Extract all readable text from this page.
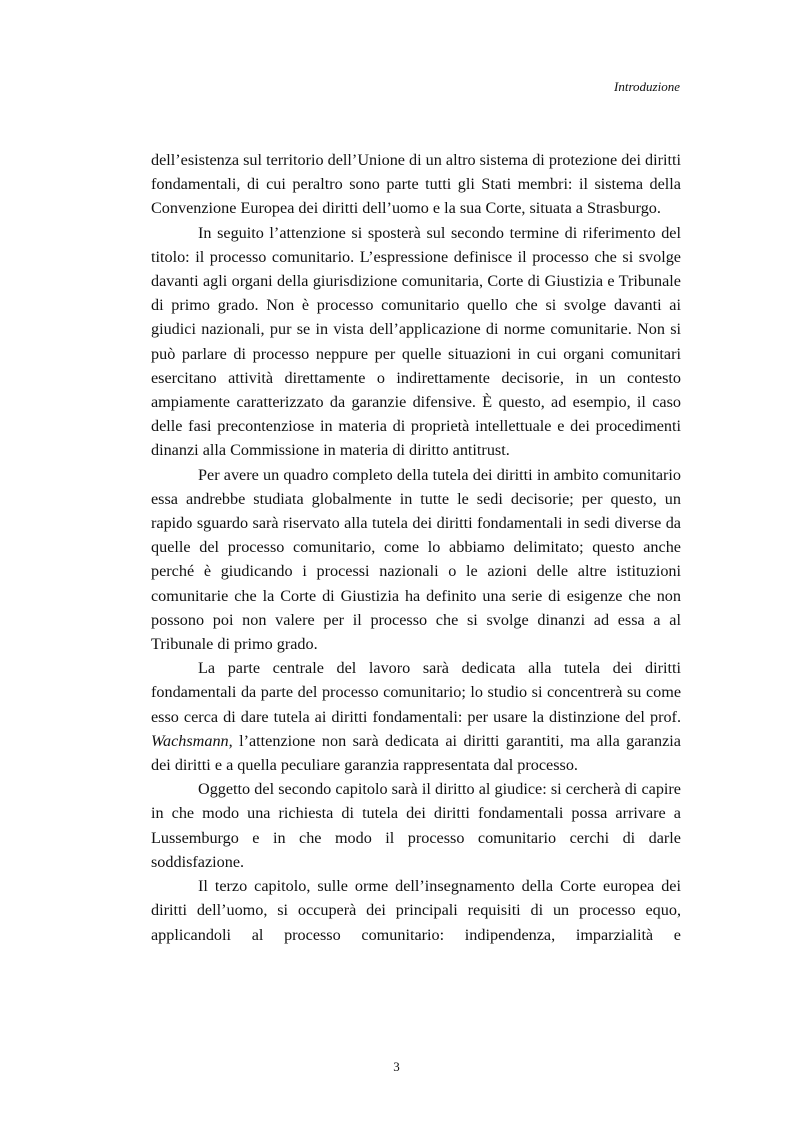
Introduzione

dell’esistenza sul territorio dell’Unione di un altro sistema di protezione dei diritti fondamentali, di cui peraltro sono parte tutti gli Stati membri: il sistema della Convenzione Europea dei diritti dell’uomo e la sua Corte, situata a Strasburgo.

In seguito l’attenzione si sposterà sul secondo termine di riferimento del titolo: il processo comunitario. L’espressione definisce il processo che si svolge davanti agli organi della giurisdizione comunitaria, Corte di Giustizia e Tribunale di primo grado. Non è processo comunitario quello che si svolge davanti ai giudici nazionali, pur se in vista dell’applicazione di norme comunitarie. Non si può parlare di processo neppure per quelle situazioni in cui organi comunitari esercitano attività direttamente o indirettamente decisorie, in un contesto ampiamente caratterizzato da garanzie difensive. È questo, ad esempio, il caso delle fasi precontenziose in materia di proprietà intellettuale e dei procedimenti dinanzi alla Commissione in materia di diritto antitrust.

Per avere un quadro completo della tutela dei diritti in ambito comunitario essa andrebbe studiata globalmente in tutte le sedi decisorie; per questo, un rapido sguardo sarà riservato alla tutela dei diritti fondamentali in sedi diverse da quelle del processo comunitario, come lo abbiamo delimitato; questo anche perché è giudicando i processi nazionali o le azioni delle altre istituzioni comunitarie che la Corte di Giustizia ha definito una serie di esigenze che non possono poi non valere per il processo che si svolge dinanzi ad essa a al Tribunale di primo grado.

La parte centrale del lavoro sarà dedicata alla tutela dei diritti fondamentali da parte del processo comunitario; lo studio si concentrerà su come esso cerca di dare tutela ai diritti fondamentali: per usare la distinzione del prof. Wachsmann, l’attenzione non sarà dedicata ai diritti garantiti, ma alla garanzia dei diritti e a quella peculiare garanzia rappresentata dal processo.

Oggetto del secondo capitolo sarà il diritto al giudice: si cercherà di capire in che modo una richiesta di tutela dei diritti fondamentali possa arrivare a Lussemburgo e in che modo il processo comunitario cerchi di darle soddisfazione.

Il terzo capitolo, sulle orme dell’insegnamento della Corte europea dei diritti dell’uomo, si occuperà dei principali requisiti di un processo equo, applicandoli al processo comunitario: indipendenza, imparzialità e

3
